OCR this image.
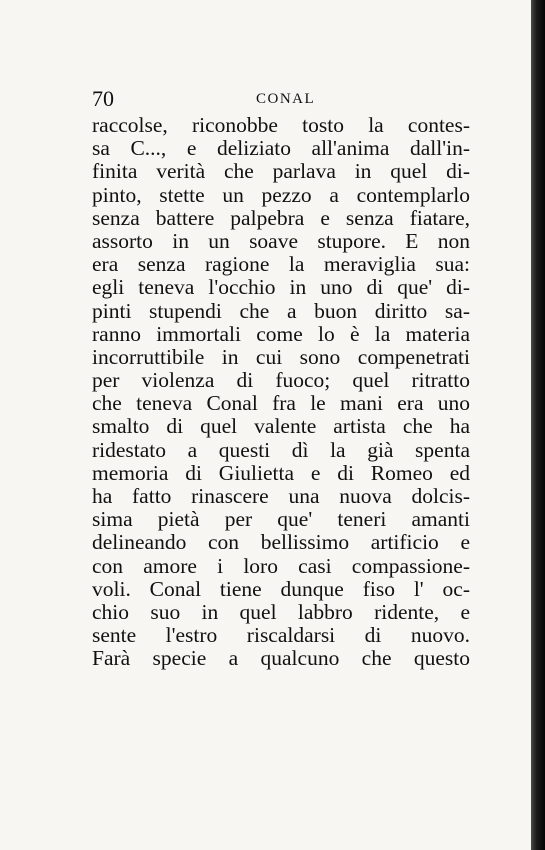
70	CONAL
raccolse, riconobbe tosto la contes-
sa C..., e deliziato all'anima dall'in-
finita verità che parlava in quel di-
pinto, stette un pezzo a contemplarlo
senza battere palpebra e senza fiatare,
assorto in un soave stupore. E non
era senza ragione la meraviglia sua:
egli teneva l'occhio in uno di que' di-
pinti stupendi che a buon diritto sa-
ranno immortali come lo è la materia
incorruttibile in cui sono compenetrati
per violenza di fuoco; quel ritratto
che teneva Conal fra le mani era uno
smalto di quel valente artista che ha
ridestato a questi dì la già spenta
memoria di Giulietta e di Romeo ed
ha fatto rinascere una nuova dolcis-
sima pietà per que' teneri amanti
delineando con bellissimo artificio e
con amore i loro casi compassione-
voli. Conal tiene dunque fiso l' oc-
chio suo in quel labbro ridente, e
sente l'estro riscaldarsi di nuovo.
Farà specie a qualcuno che questo
